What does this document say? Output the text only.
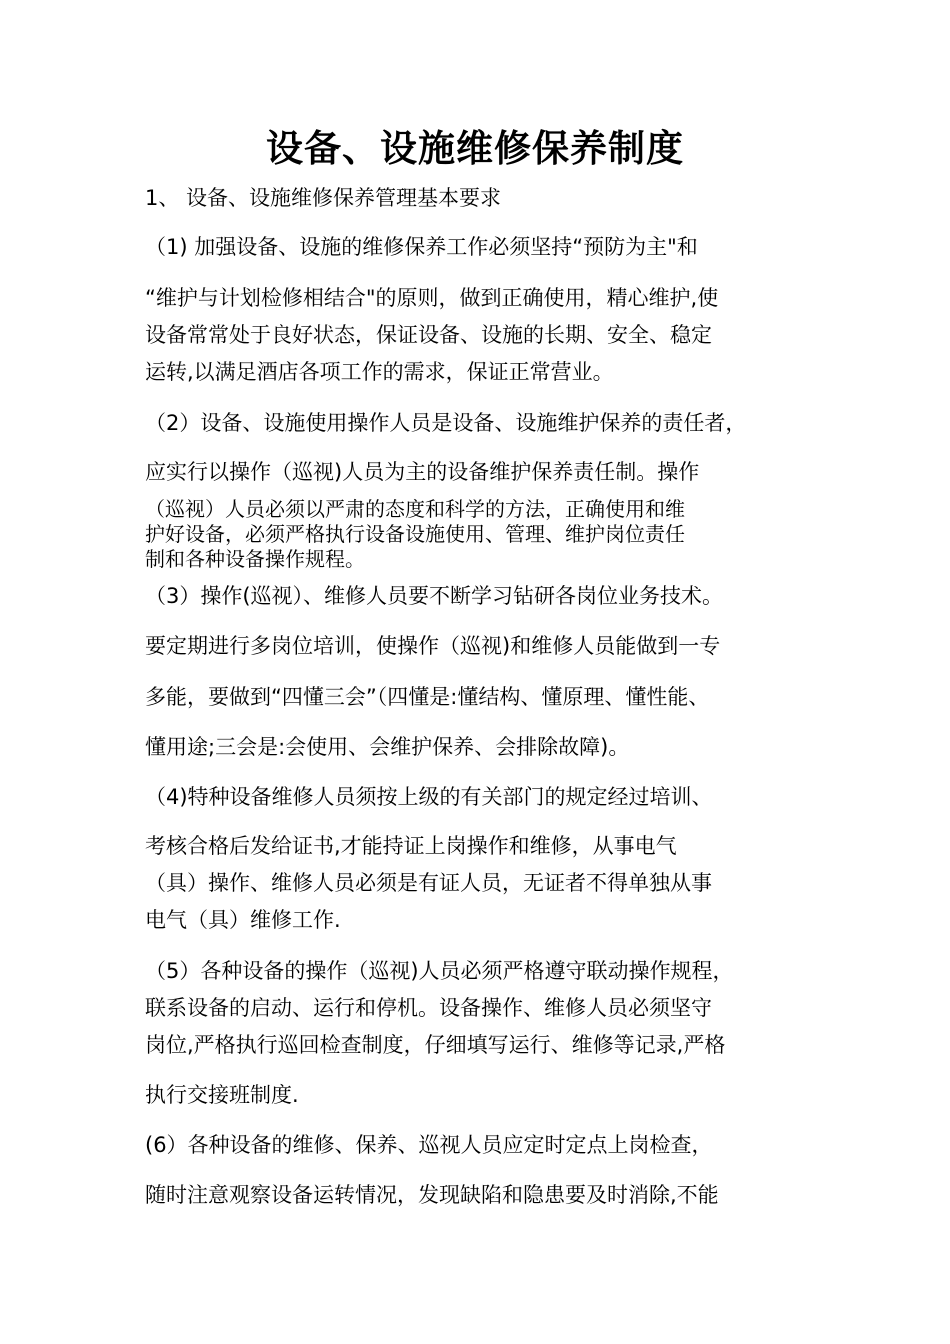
设备、设施维修保养制度
1、 设备、设施维修保养管理基本要求
（1) 加强设备、设施的维修保养工作必须坚持“预防为主"和
“维护与计划检修相结合"的原则，做到正确使用，精心维护,使
设备常常处于良好状态，保证设备、设施的长期、安全、稳定
运转,以满足酒店各项工作的需求，保证正常营业。
（2）设备、设施使用操作人员是设备、设施维护保养的责任者，
应实行以操作（巡视)人员为主的设备维护保养责任制。操作
（巡视）人员必须以严肃的态度和科学的方法，正确使用和维
护好设备，必须严格执行设备设施使用、管理、维护岗位责任
制和各种设备操作规程。
（3）操作(巡视）、维修人员要不断学习钻研各岗位业务技术。
要定期进行多岗位培训，使操作（巡视)和维修人员能做到一专
多能，要做到“四懂三会”（四懂是:懂结构、懂原理、懂性能、
懂用途;三会是:会使用、会维护保养、会排除故障)。
（4)特种设备维修人员须按上级的有关部门的规定经过培训、
考核合格后发给证书,才能持证上岗操作和维修，从事电气
（具）操作、维修人员必须是有证人员，无证者不得单独从事
电气（具）维修工作.
（5）各种设备的操作（巡视)人员必须严格遵守联动操作规程，
联系设备的启动、运行和停机。设备操作、维修人员必须坚守
岗位,严格执行巡回检查制度，仔细填写运行、维修等记录,严格
执行交接班制度.
(6）各种设备的维修、保养、巡视人员应定时定点上岗检查，
随时注意观察设备运转情况，发现缺陷和隐患要及时消除,不能
